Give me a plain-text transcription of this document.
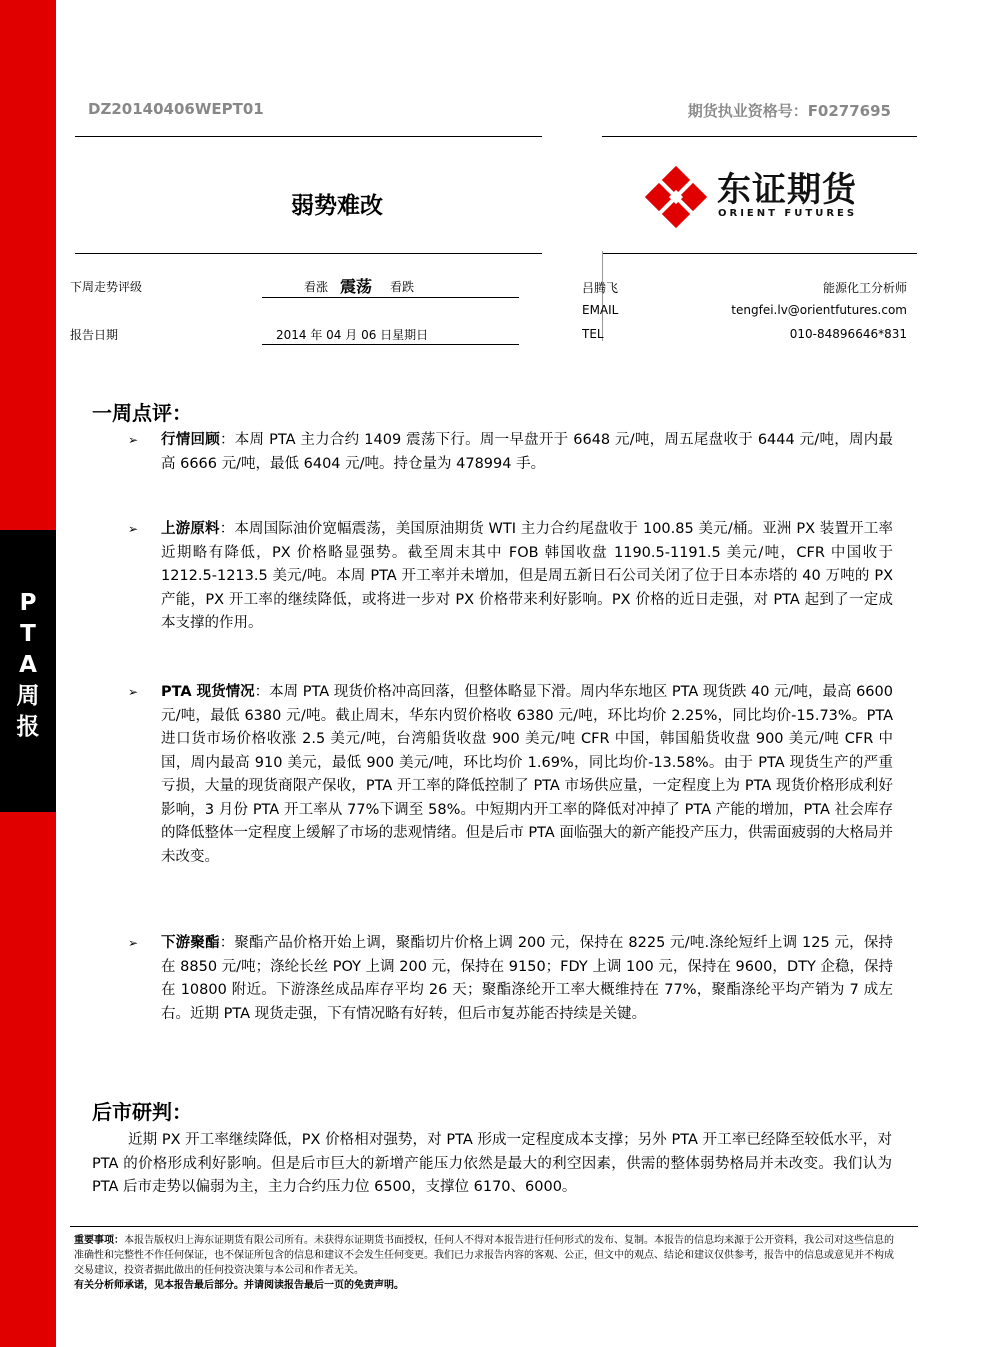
P
T
A
周
报
DZ20140406WEPT01	期货执业资格号：F0277695
弱势难改	东证期货
ORIENT FUTURES
下周走势评级	看涨 震荡 看跌
报告日期	2014 年 04 月 06 日星期日
吕腾飞	能源化工分析师
EMAIL	tengfei.lv@orientfutures.com
TEL	010-84896646*831
一周点评：
➢ 行情回顾：本周 PTA 主力合约 1409 震荡下行。周一早盘开于 6648 元/吨，周五尾盘收于 6444 元/吨，周内最高 6666 元/吨，最低 6404 元/吨。持仓量为 478994 手。
➢ 上游原料：本周国际油价宽幅震荡，美国原油期货 WTI 主力合约尾盘收于 100.85 美元/桶。亚洲 PX 装置开工率近期略有降低，PX 价格略显强势。截至周末其中 FOB 韩国收盘 1190.5-1191.5 美元/吨，CFR 中国收于 1212.5-1213.5 美元/吨。本周 PTA 开工率并未增加，但是周五新日石公司关闭了位于日本赤塔的 40 万吨的 PX 产能，PX 开工率的继续降低，或将进一步对 PX 价格带来利好影响。PX 价格的近日走强，对 PTA 起到了一定成本支撑的作用。
➢ PTA 现货情况：本周 PTA 现货价格冲高回落，但整体略显下滑。周内华东地区 PTA 现货跌 40 元/吨，最高 6600 元/吨，最低 6380 元/吨。截止周末，华东内贸价格收 6380 元/吨，环比均价 2.25%，同比均价-15.73%。PTA 进口货市场价格收涨 2.5 美元/吨，台湾船货收盘 900 美元/吨 CFR 中国，韩国船货收盘 900 美元/吨 CFR 中国，周内最高 910 美元，最低 900 美元/吨，环比均价 1.69%，同比均价-13.58%。由于 PTA 现货生产的严重亏损，大量的现货商限产保收，PTA 开工率的降低控制了 PTA 市场供应量，一定程度上为 PTA 现货价格形成利好影响，3 月份 PTA 开工率从 77%下调至 58%。中短期内开工率的降低对冲掉了 PTA 产能的增加，PTA 社会库存的降低整体一定程度上缓解了市场的悲观情绪。但是后市 PTA 面临强大的新产能投产压力，供需面疲弱的大格局并未改变。
➢ 下游聚酯：聚酯产品价格开始上调，聚酯切片价格上调 200 元，保持在 8225 元/吨.涤纶短纤上调 125 元，保持在 8850 元/吨；涤纶长丝 POY 上调 200 元，保持在 9150；FDY 上调 100 元，保持在 9600，DTY 企稳，保持在 10800 附近。下游涤丝成品库存平均 26 天；聚酯涤纶开工率大概维持在 77%，聚酯涤纶平均产销为 7 成左右。近期 PTA 现货走强，下有情况略有好转，但后市复苏能否持续是关键。
后市研判：
近期 PX 开工率继续降低，PX 价格相对强势，对 PTA 形成一定程度成本支撑；另外 PTA 开工率已经降至较低水平，对 PTA 的价格形成利好影响。但是后市巨大的新增产能压力依然是最大的利空因素，供需的整体弱势格局并未改变。我们认为 PTA 后市走势以偏弱为主，主力合约压力位 6500，支撑位 6170、6000。
重要事项：本报告版权归上海东证期货有限公司所有。未获得东证期货书面授权，任何人不得对本报告进行任何形式的发布、复制。本报告的信息均来源于公开资料，我公司对这些信息的准确性和完整性不作任何保证，也不保证所包含的信息和建议不会发生任何变更。我们已力求报告内容的客观、公正，但文中的观点、结论和建议仅供参考，报告中的信息或意见并不构成交易建议，投资者据此做出的任何投资决策与本公司和作者无关。
有关分析师承诺，见本报告最后部分。并请阅读报告最后一页的免责声明。
